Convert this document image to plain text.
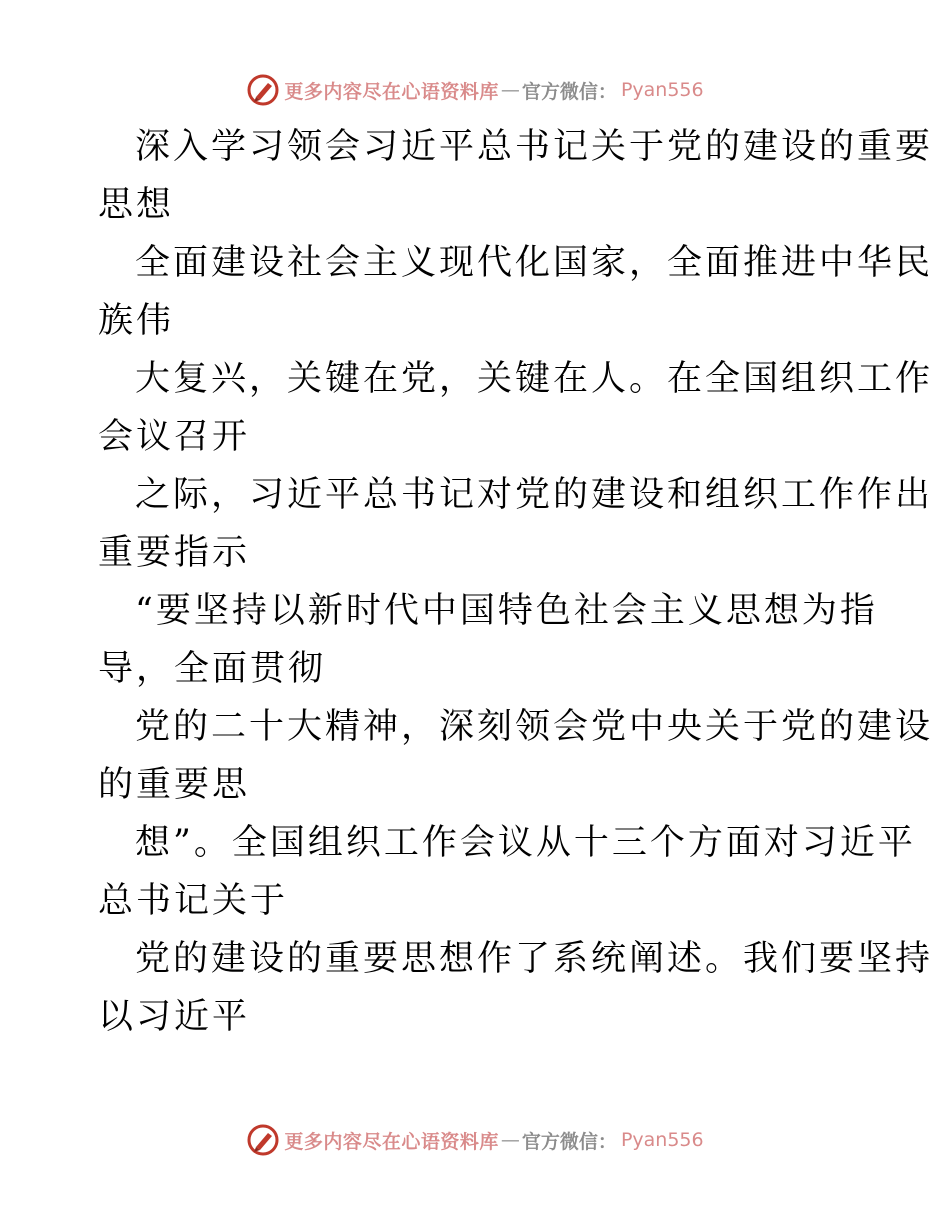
更多内容尽在心语资料库 — 官方微信： Pyan556
深入学习领会习近平总书记关于党的建设的重要
思想
全面建设社会主义现代化国家，全面推进中华民
族伟
大复兴，关键在党，关键在人。在全国组织工作
会议召开
之际，习近平总书记对党的建设和组织工作作出
重要指示
“要坚持以新时代中国特色社会主义思想为指
导，全面贯彻
党的二十大精神，深刻领会党中央关于党的建设
的重要思
想”。全国组织工作会议从十三个方面对习近平
总书记关于
党的建设的重要思想作了系统阐述。我们要坚持
以习近平
更多内容尽在心语资料库 — 官方微信： Pyan556
